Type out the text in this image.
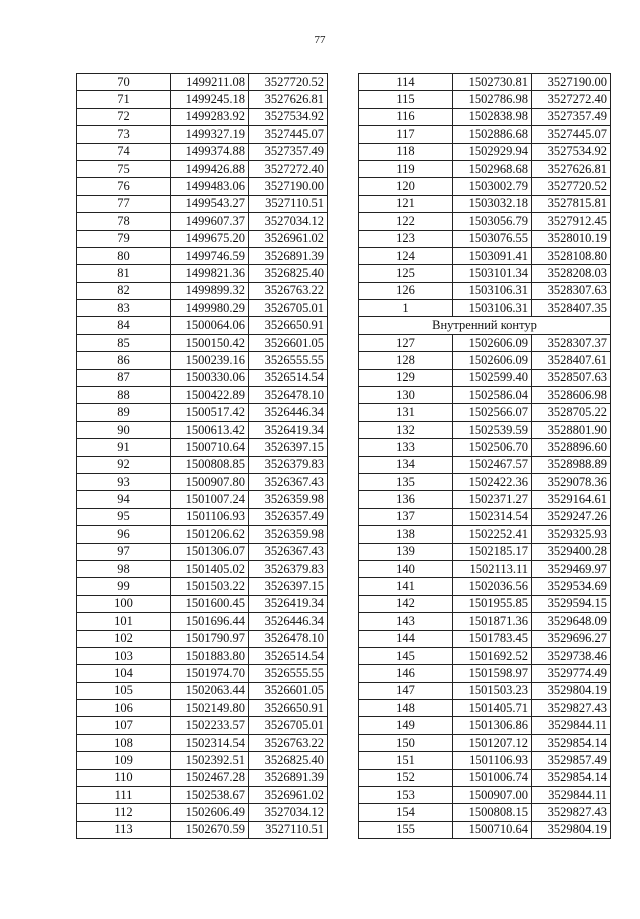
77
70	1499211.08	3527720.52
71	1499245.18	3527626.81
72	1499283.92	3527534.92
73	1499327.19	3527445.07
74	1499374.88	3527357.49
75	1499426.88	3527272.40
76	1499483.06	3527190.00
77	1499543.27	3527110.51
78	1499607.37	3527034.12
79	1499675.20	3526961.02
80	1499746.59	3526891.39
81	1499821.36	3526825.40
82	1499899.32	3526763.22
83	1499980.29	3526705.01
84	1500064.06	3526650.91
85	1500150.42	3526601.05
86	1500239.16	3526555.55
87	1500330.06	3526514.54
88	1500422.89	3526478.10
89	1500517.42	3526446.34
90	1500613.42	3526419.34
91	1500710.64	3526397.15
92	1500808.85	3526379.83
93	1500907.80	3526367.43
94	1501007.24	3526359.98
95	1501106.93	3526357.49
96	1501206.62	3526359.98
97	1501306.07	3526367.43
98	1501405.02	3526379.83
99	1501503.22	3526397.15
100	1501600.45	3526419.34
101	1501696.44	3526446.34
102	1501790.97	3526478.10
103	1501883.80	3526514.54
104	1501974.70	3526555.55
105	1502063.44	3526601.05
106	1502149.80	3526650.91
107	1502233.57	3526705.01
108	1502314.54	3526763.22
109	1502392.51	3526825.40
110	1502467.28	3526891.39
111	1502538.67	3526961.02
112	1502606.49	3527034.12
113	1502670.59	3527110.51
114	1502730.81	3527190.00
115	1502786.98	3527272.40
116	1502838.98	3527357.49
117	1502886.68	3527445.07
118	1502929.94	3527534.92
119	1502968.68	3527626.81
120	1503002.79	3527720.52
121	1503032.18	3527815.81
122	1503056.79	3527912.45
123	1503076.55	3528010.19
124	1503091.41	3528108.80
125	1503101.34	3528208.03
126	1503106.31	3528307.63
1	1503106.31	3528407.35
Внутренний контур		
127	1502606.09	3528307.37
128	1502606.09	3528407.61
129	1502599.40	3528507.63
130	1502586.04	3528606.98
131	1502566.07	3528705.22
132	1502539.59	3528801.90
133	1502506.70	3528896.60
134	1502467.57	3528988.89
135	1502422.36	3529078.36
136	1502371.27	3529164.61
137	1502314.54	3529247.26
138	1502252.41	3529325.93
139	1502185.17	3529400.28
140	1502113.11	3529469.97
141	1502036.56	3529534.69
142	1501955.85	3529594.15
143	1501871.36	3529648.09
144	1501783.45	3529696.27
145	1501692.52	3529738.46
146	1501598.97	3529774.49
147	1501503.23	3529804.19
148	1501405.71	3529827.43
149	1501306.86	3529844.11
150	1501207.12	3529854.14
151	1501106.93	3529857.49
152	1501006.74	3529854.14
153	1500907.00	3529844.11
154	1500808.15	3529827.43
155	1500710.64	3529804.19
